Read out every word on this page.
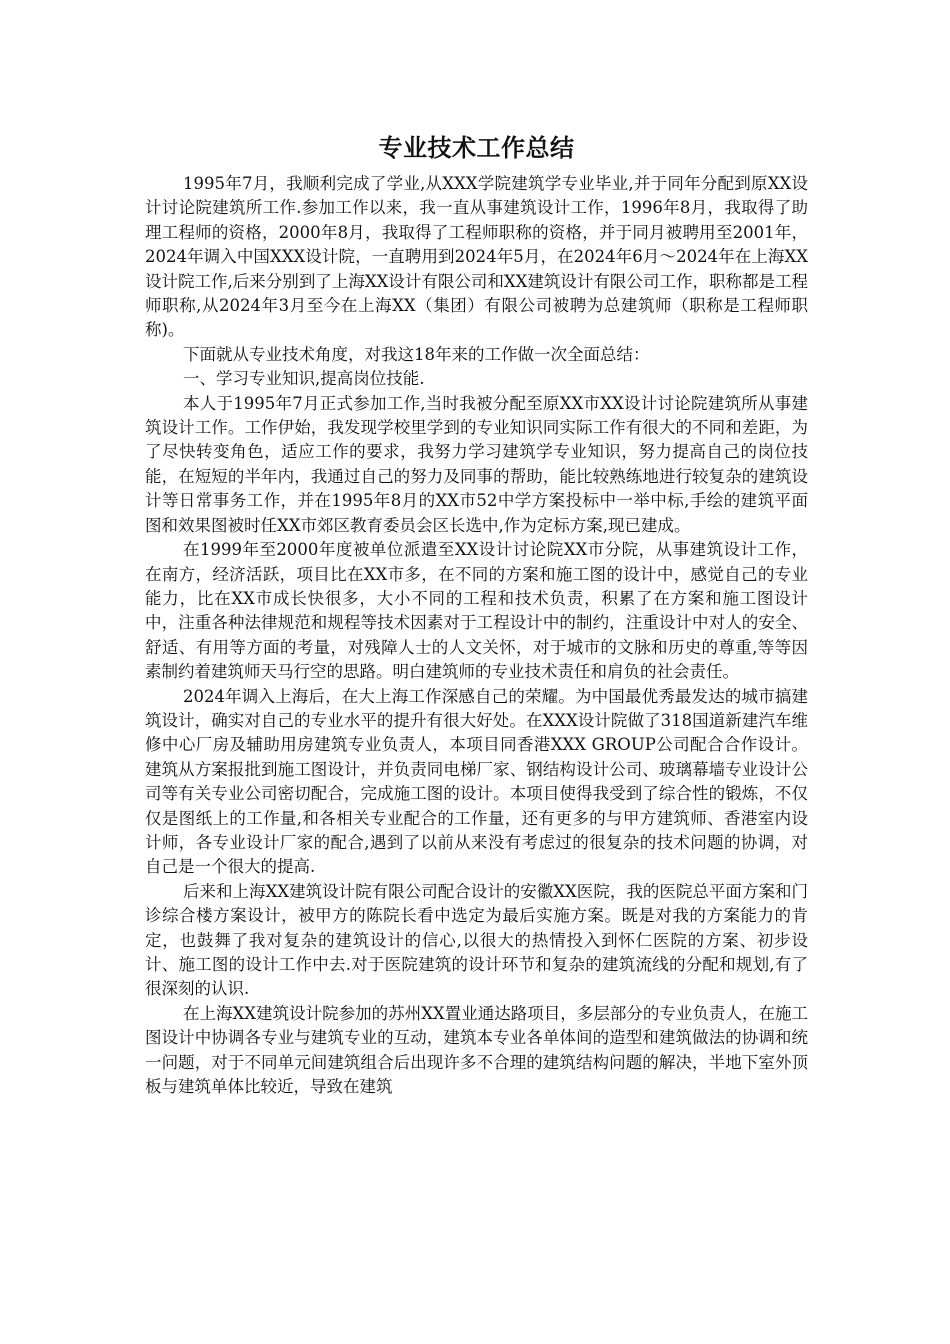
专业技术工作总结

1995年7月，我顺利完成了学业,从XXX学院建筑学专业毕业,并于同年分配到原XX设计讨论院建筑所工作.参加工作以来，我一直从事建筑设计工作，1996年8月，我取得了助理工程师的资格，2000年8月，我取得了工程师职称的资格，并于同月被聘用至2001年，2024年调入中国XXX设计院，一直聘用到2024年5月，在2024年6月～2024年在上海XX设计院工作,后来分别到了上海XX设计有限公司和XX建筑设计有限公司工作，职称都是工程师职称,从2024年3月至今在上海XX（集团）有限公司被聘为总建筑师（职称是工程师职称)。

下面就从专业技术角度，对我这18年来的工作做一次全面总结：

一、学习专业知识,提高岗位技能.

本人于1995年7月正式参加工作,当时我被分配至原XX市XX设计讨论院建筑所从事建筑设计工作。工作伊始，我发现学校里学到的专业知识同实际工作有很大的不同和差距，为了尽快转变角色，适应工作的要求，我努力学习建筑学专业知识，努力提高自己的岗位技能，在短短的半年内，我通过自己的努力及同事的帮助，能比较熟练地进行较复杂的建筑设计等日常事务工作，并在1995年8月的XX市52中学方案投标中一举中标,手绘的建筑平面图和效果图被时任XX市郊区教育委员会区长选中,作为定标方案,现已建成。

在1999年至2000年度被单位派遣至XX设计讨论院XX市分院，从事建筑设计工作，在南方，经济活跃，项目比在XX市多，在不同的方案和施工图的设计中，感觉自己的专业能力，比在XX市成长快很多，大小不同的工程和技术负责，积累了在方案和施工图设计中，注重各种法律规范和规程等技术因素对于工程设计中的制约，注重设计中对人的安全、舒适、有用等方面的考量，对残障人士的人文关怀，对于城市的文脉和历史的尊重,等等因素制约着建筑师天马行空的思路。明白建筑师的专业技术责任和肩负的社会责任。

2024年调入上海后，在大上海工作深感自己的荣耀。为中国最优秀最发达的城市搞建筑设计，确实对自己的专业水平的提升有很大好处。在XXX设计院做了318国道新建汽车维修中心厂房及辅助用房建筑专业负责人，本项目同香港XXX GROUP公司配合合作设计。建筑从方案报批到施工图设计，并负责同电梯厂家、钢结构设计公司、玻璃幕墙专业设计公司等有关专业公司密切配合，完成施工图的设计。本项目使得我受到了综合性的锻炼，不仅仅是图纸上的工作量,和各相关专业配合的工作量，还有更多的与甲方建筑师、香港室内设计师，各专业设计厂家的配合,遇到了以前从来没有考虑过的很复杂的技术问题的协调，对自己是一个很大的提高.

后来和上海XX建筑设计院有限公司配合设计的安徽XX医院，我的医院总平面方案和门诊综合楼方案设计，被甲方的陈院长看中选定为最后实施方案。既是对我的方案能力的肯定，也鼓舞了我对复杂的建筑设计的信心,以很大的热情投入到怀仁医院的方案、初步设计、施工图的设计工作中去.对于医院建筑的设计环节和复杂的建筑流线的分配和规划,有了很深刻的认识.

在上海XX建筑设计院参加的苏州XX置业通达路项目，多层部分的专业负责人，在施工图设计中协调各专业与建筑专业的互动，建筑本专业各单体间的造型和建筑做法的协调和统一问题，对于不同单元间建筑组合后出现许多不合理的建筑结构问题的解决，半地下室外顶板与建筑单体比较近，导致在建筑
